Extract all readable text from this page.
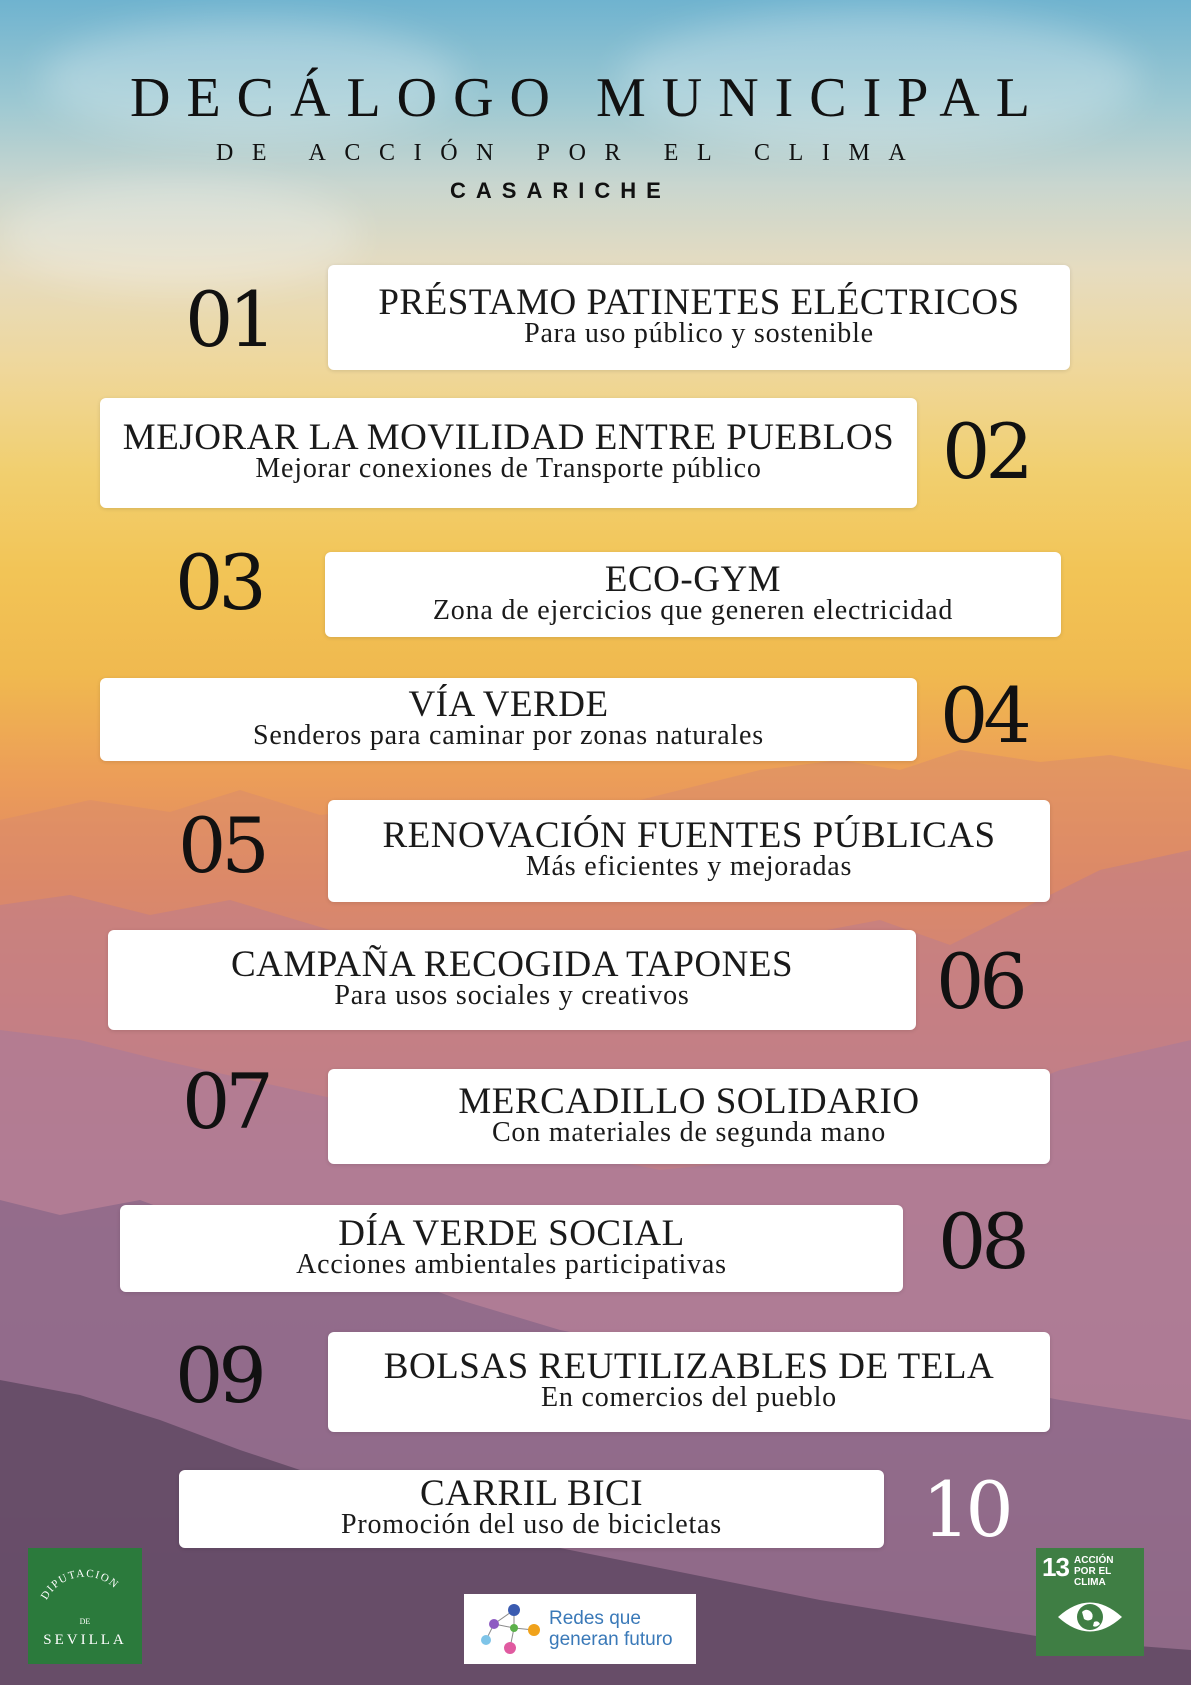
DECÁLOGO MUNICIPAL
DE ACCIÓN POR EL CLIMA
CASARICHE
01	PRÉSTAMO PATINETES ELÉCTRICOS
Para uso público y sostenible
MEJORAR LA MOVILIDAD ENTRE PUEBLOS
Mejorar conexiones de Transporte público 02
03	ECO-GYM
Zona de ejercicios que generen electricidad
VÍA VERDE
Senderos para caminar por zonas naturales 04
05	RENOVACIÓN FUENTES PÚBLICAS
Más eficientes y mejoradas
CAMPAÑA RECOGIDA TAPONES
Para usos sociales y creativos	06
07	MERCADILLO SOLIDARIO
Con materiales de segunda mano
DÍA VERDE SOCIAL
Acciones ambientales participativas	08
09	BOLSAS REUTILIZABLES DE TELA
En comercios del pueblo
CARRIL BICI
Promoción del uso de bicicletas	10
DIPUTACION
DE
SEVILLA
Redes que
generan futuro
13 ACCIÓN
POR EL CLIMA
